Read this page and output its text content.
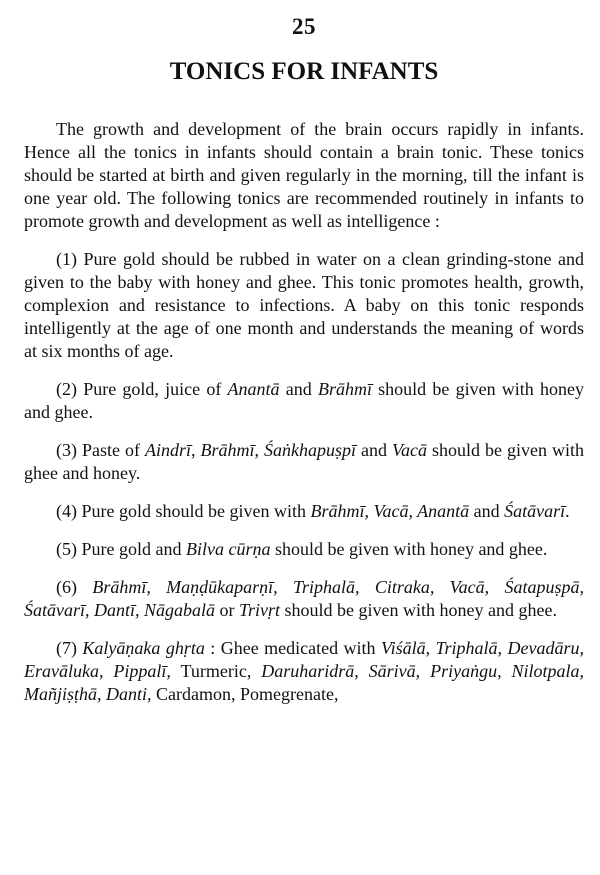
25
TONICS FOR INFANTS

The growth and development of the brain occurs rapidly in infants. Hence all the tonics in infants should contain a brain tonic. These tonics should be started at birth and given regularly in the morning, till the infant is one year old. The following tonics are recommended routinely in infants to promote growth and development as well as intelligence :

(1) Pure gold should be rubbed in water on a clean grinding-stone and given to the baby with honey and ghee. This tonic promotes health, growth, complexion and resistance to infections. A baby on this tonic responds intelligently at the age of one month and understands the meaning of words at six months of age.

(2) Pure gold, juice of Anantā and Brāhmī should be given with honey and ghee.

(3) Paste of Aindrī, Brāhmī, Śaṅkhapuṣpī and Vacā should be given with ghee and honey.

(4) Pure gold should be given with Brāhmī, Vacā, Anantā and Śatāvarī.

(5) Pure gold and Bilva cūrṇa should be given with honey and ghee.

(6) Brāhmī, Maṇḍūkaparṇī, Triphalā, Citraka, Vacā, Śatapuṣpā, Śatāvarī, Dantī, Nāgabalā or Trivṛt should be given with honey and ghee.

(7) Kalyāṇaka ghṛta : Ghee medicated with Viśālā, Triphalā, Devadāru, Eravāluka, Pippalī, Turmeric, Daruharidrā, Sārivā, Priyaṅgu, Nilotpala, Mañjiṣṭhā, Danti, Cardamon, Pomegrenate,
